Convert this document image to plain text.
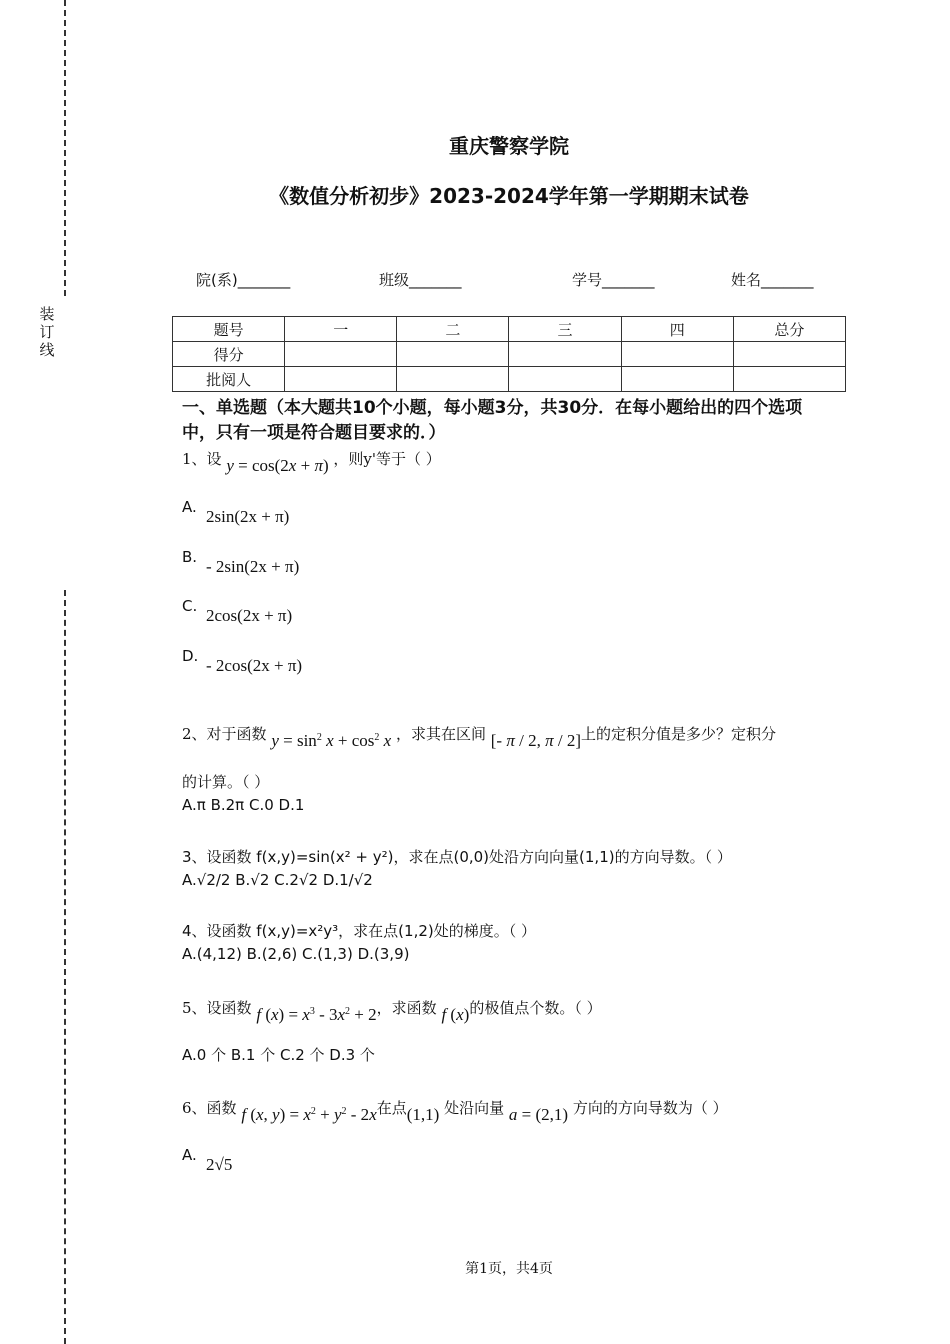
装
订
线
重庆警察学院
《数值分析初步》2023-2024学年第一学期期末试卷
院(系)_______	班级_______	学号_______	姓名_______
题号	一	二	三	四	总分
得分					
批阅人					
一、单选题（本大题共10个小题，每小题3分，共30分．在每小题给出的四个选项中，只有一项是符合题目要求的．）
1、设 y = cos(2x + π) ，则y'等于（ ）
A. 2sin(2x + π)
B. - 2sin(2x + π)
C. 2cos(2x + π)
D. - 2cos(2x + π)
2、对于函数 $y = \sin^2 x + \cos^2 x$ ，求其在区间 [- π / 2, π / 2]上的定积分值是多少？定积分
的计算。（ ）
A.π B.2π C.0 D.1
3、设函数 f(x,y)=sin(x² + y²)，求在点(0,0)处沿方向向量(1,1)的方向导数。（ ）
A.√2/2 B.√2 C.2√2 D.1/√2
4、设函数 f(x,y)=x²y³，求在点(1,2)处的梯度。（ ）
A.(4,12) B.(2,6) C.(1,3) D.(3,9)
5、设函数 f $(x) = x^3 - 3x^2 + 2$，求函数 f (x)的极值点个数。（ ）
A.0 个 B.1 个 C.2 个 D.3 个
6、函数 f (x, $y) = x^2 + y^2 - 2x$在点(1,1) 处沿向量 a = (2,1) 方向的方向导数为（ ）
A. 2√5
第1页，共4页
